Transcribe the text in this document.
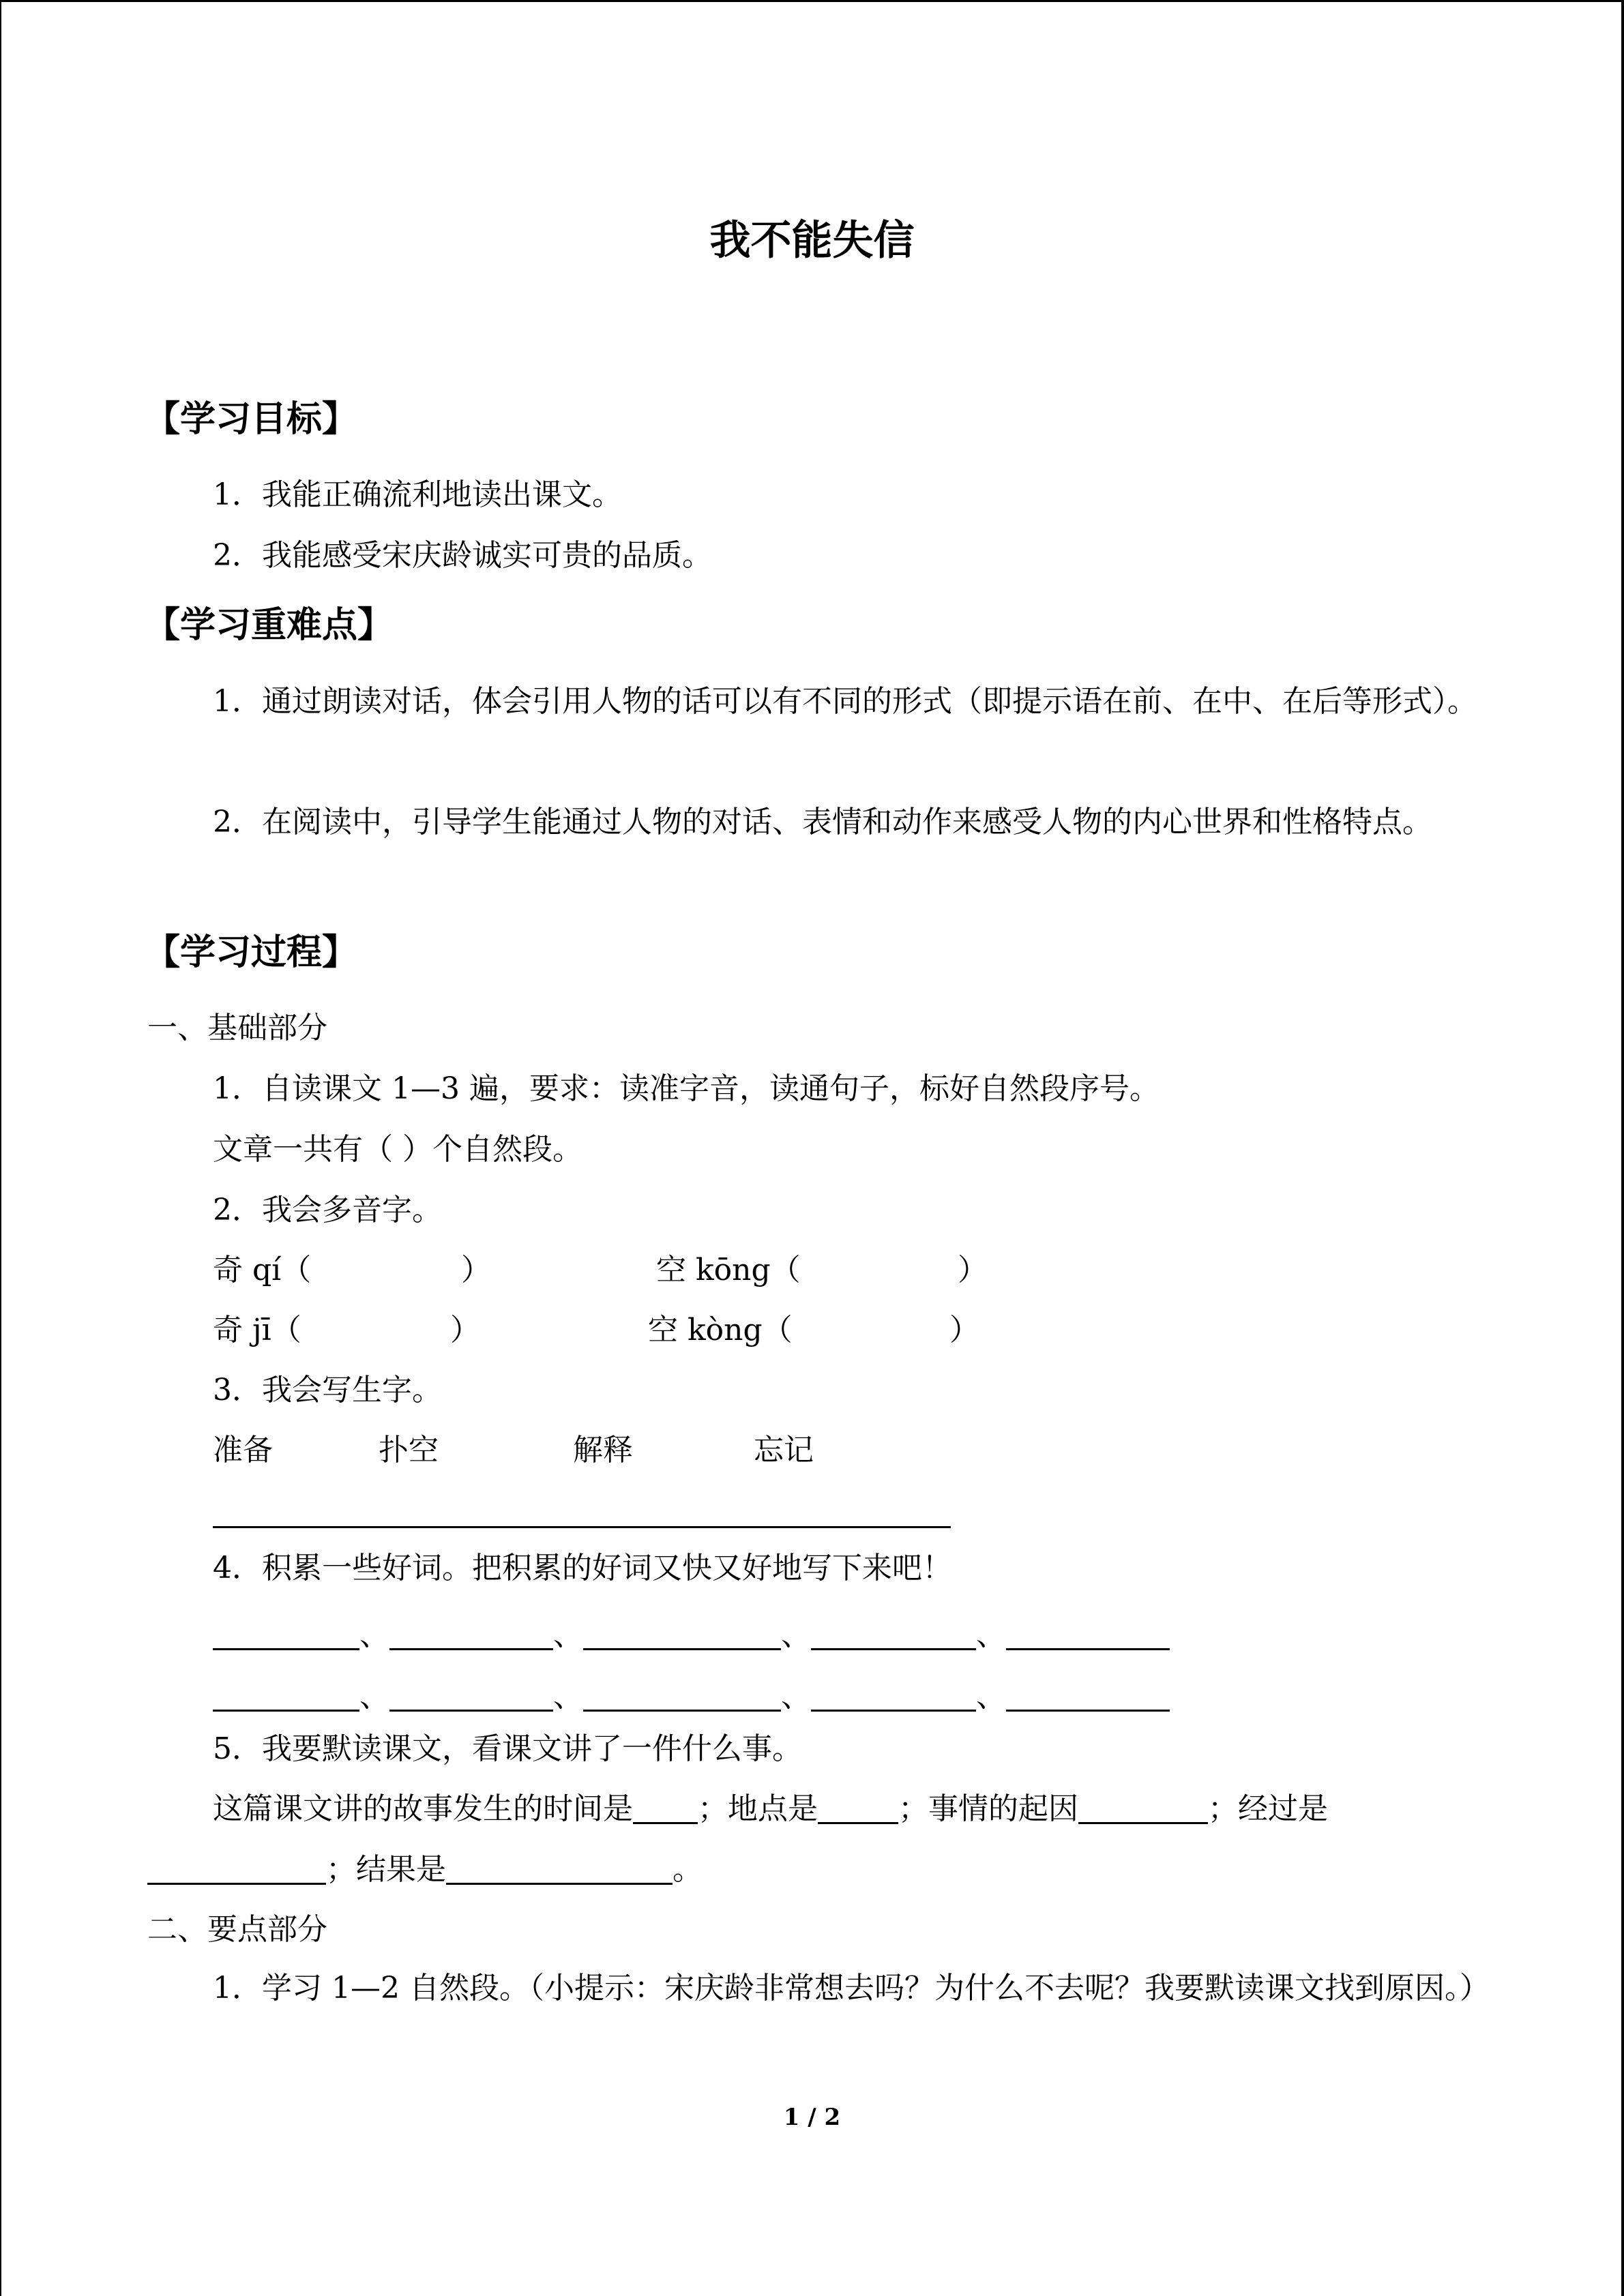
我不能失信
【学习目标】
1．我能正确流利地读出课文。
2．我能感受宋庆龄诚实可贵的品质。
【学习重难点】
1．通过朗读对话，体会引用人物的话可以有不同的形式（即提示语在前、在中、在后等形式）。
2．在阅读中，引导学生能通过人物的对话、表情和动作来感受人物的内心世界和性格特点。
【学习过程】
一、基础部分
1．自读课文 1—3 遍，要求：读准字音，读通句子，标好自然段序号。
文章一共有（ ）个自然段。
2．我会多音字。
奇 qí（	）	空 kōng（	）
奇 jī（	）	空 kòng（	）
3．我会写生字。
准备	扑空	解释	忘记
4．积累一些好词。把积累的好词又快又好地写下来吧！
、	、	、	、
、	、	、	、
5．我要默读课文，看课文讲了一件什么事。
这篇课文讲的故事发生的时间是 ；地点是	；事情的起因	；经过是
；结果是	。
二、要点部分
1．学习 1—2 自然段。（小提示：宋庆龄非常想去吗？为什么不去呢？我要默读课文找到原因。）
1 / 2
